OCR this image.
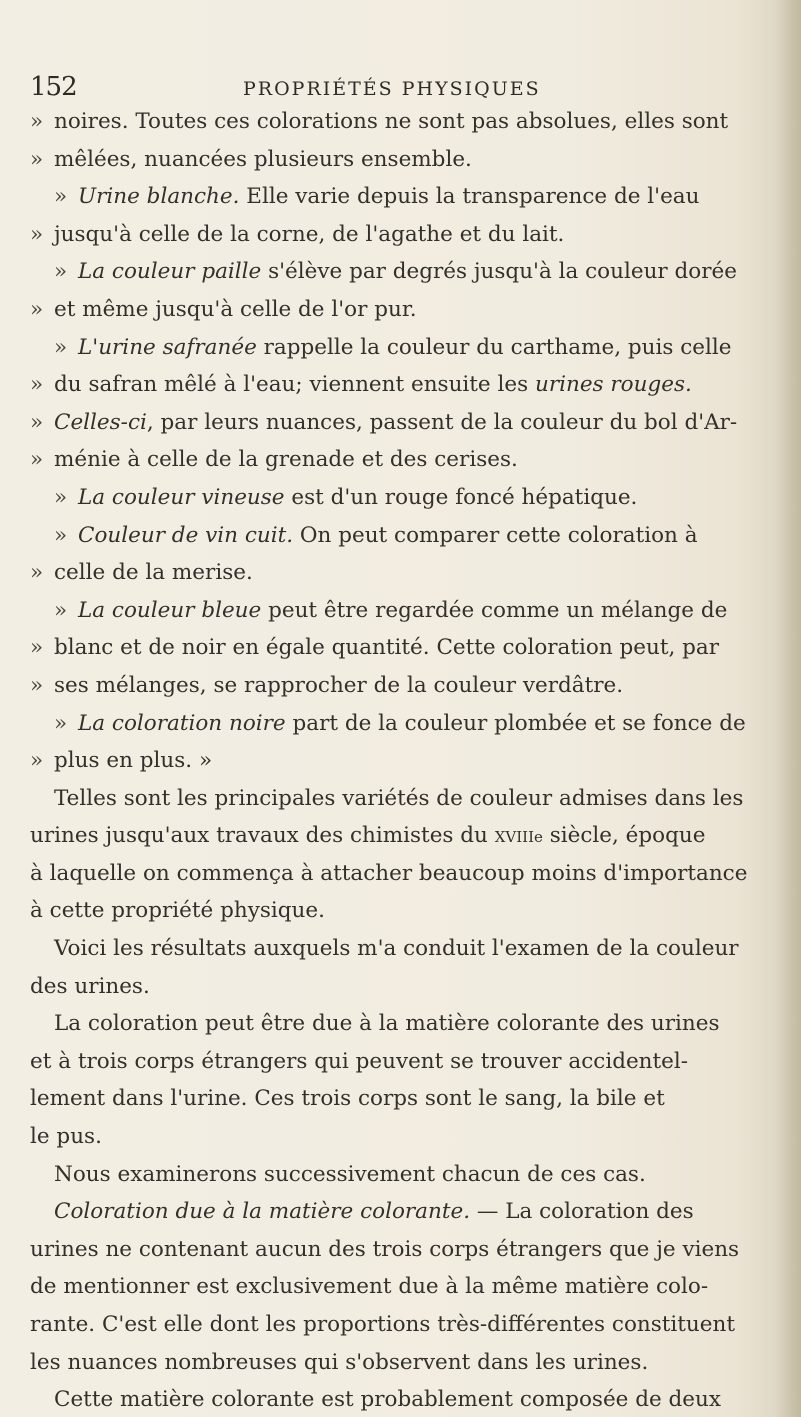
152	PROPRIÉTÉS PHYSIQUES
» noires. Toutes ces colorations ne sont pas absolues, elles sont
» mêlées, nuancées plusieurs ensemble.
» Urine blanche. Elle varie depuis la transparence de l'eau
» jusqu'à celle de la corne, de l'agathe et du lait.
» La couleur paille s'élève par degrés jusqu'à la couleur dorée
» et même jusqu'à celle de l'or pur.
» L'urine safranée rappelle la couleur du carthame, puis celle
» du safran mêlé à l'eau; viennent ensuite les urines rouges.
» Celles-ci, par leurs nuances, passent de la couleur du bol d'Ar-
» ménie à celle de la grenade et des cerises.
» La couleur vineuse est d'un rouge foncé hépatique.
» Couleur de vin cuit. On peut comparer cette coloration à
» celle de la merise.
» La couleur bleue peut être regardée comme un mélange de
» blanc et de noir en égale quantité. Cette coloration peut, par
» ses mélanges, se rapprocher de la couleur verdâtre.
» La coloration noire part de la couleur plombée et se fonce de
» plus en plus. »
Telles sont les principales variétés de couleur admises dans les
urines jusqu'aux travaux des chimistes du XVIIIe siècle, époque
à laquelle on commença à attacher beaucoup moins d'importance
à cette propriété physique.
Voici les résultats auxquels m'a conduit l'examen de la couleur
des urines.
La coloration peut être due à la matière colorante des urines
et à trois corps étrangers qui peuvent se trouver accidentel-
lement dans l'urine. Ces trois corps sont le sang, la bile et
le pus.
Nous examinerons successivement chacun de ces cas.
Coloration due à la matière colorante. — La coloration des
urines ne contenant aucun des trois corps étrangers que je viens
de mentionner est exclusivement due à la même matière colo-
rante. C'est elle dont les proportions très-différentes constituent
les nuances nombreuses qui s'observent dans les urines.
Cette matière colorante est probablement composée de deux
